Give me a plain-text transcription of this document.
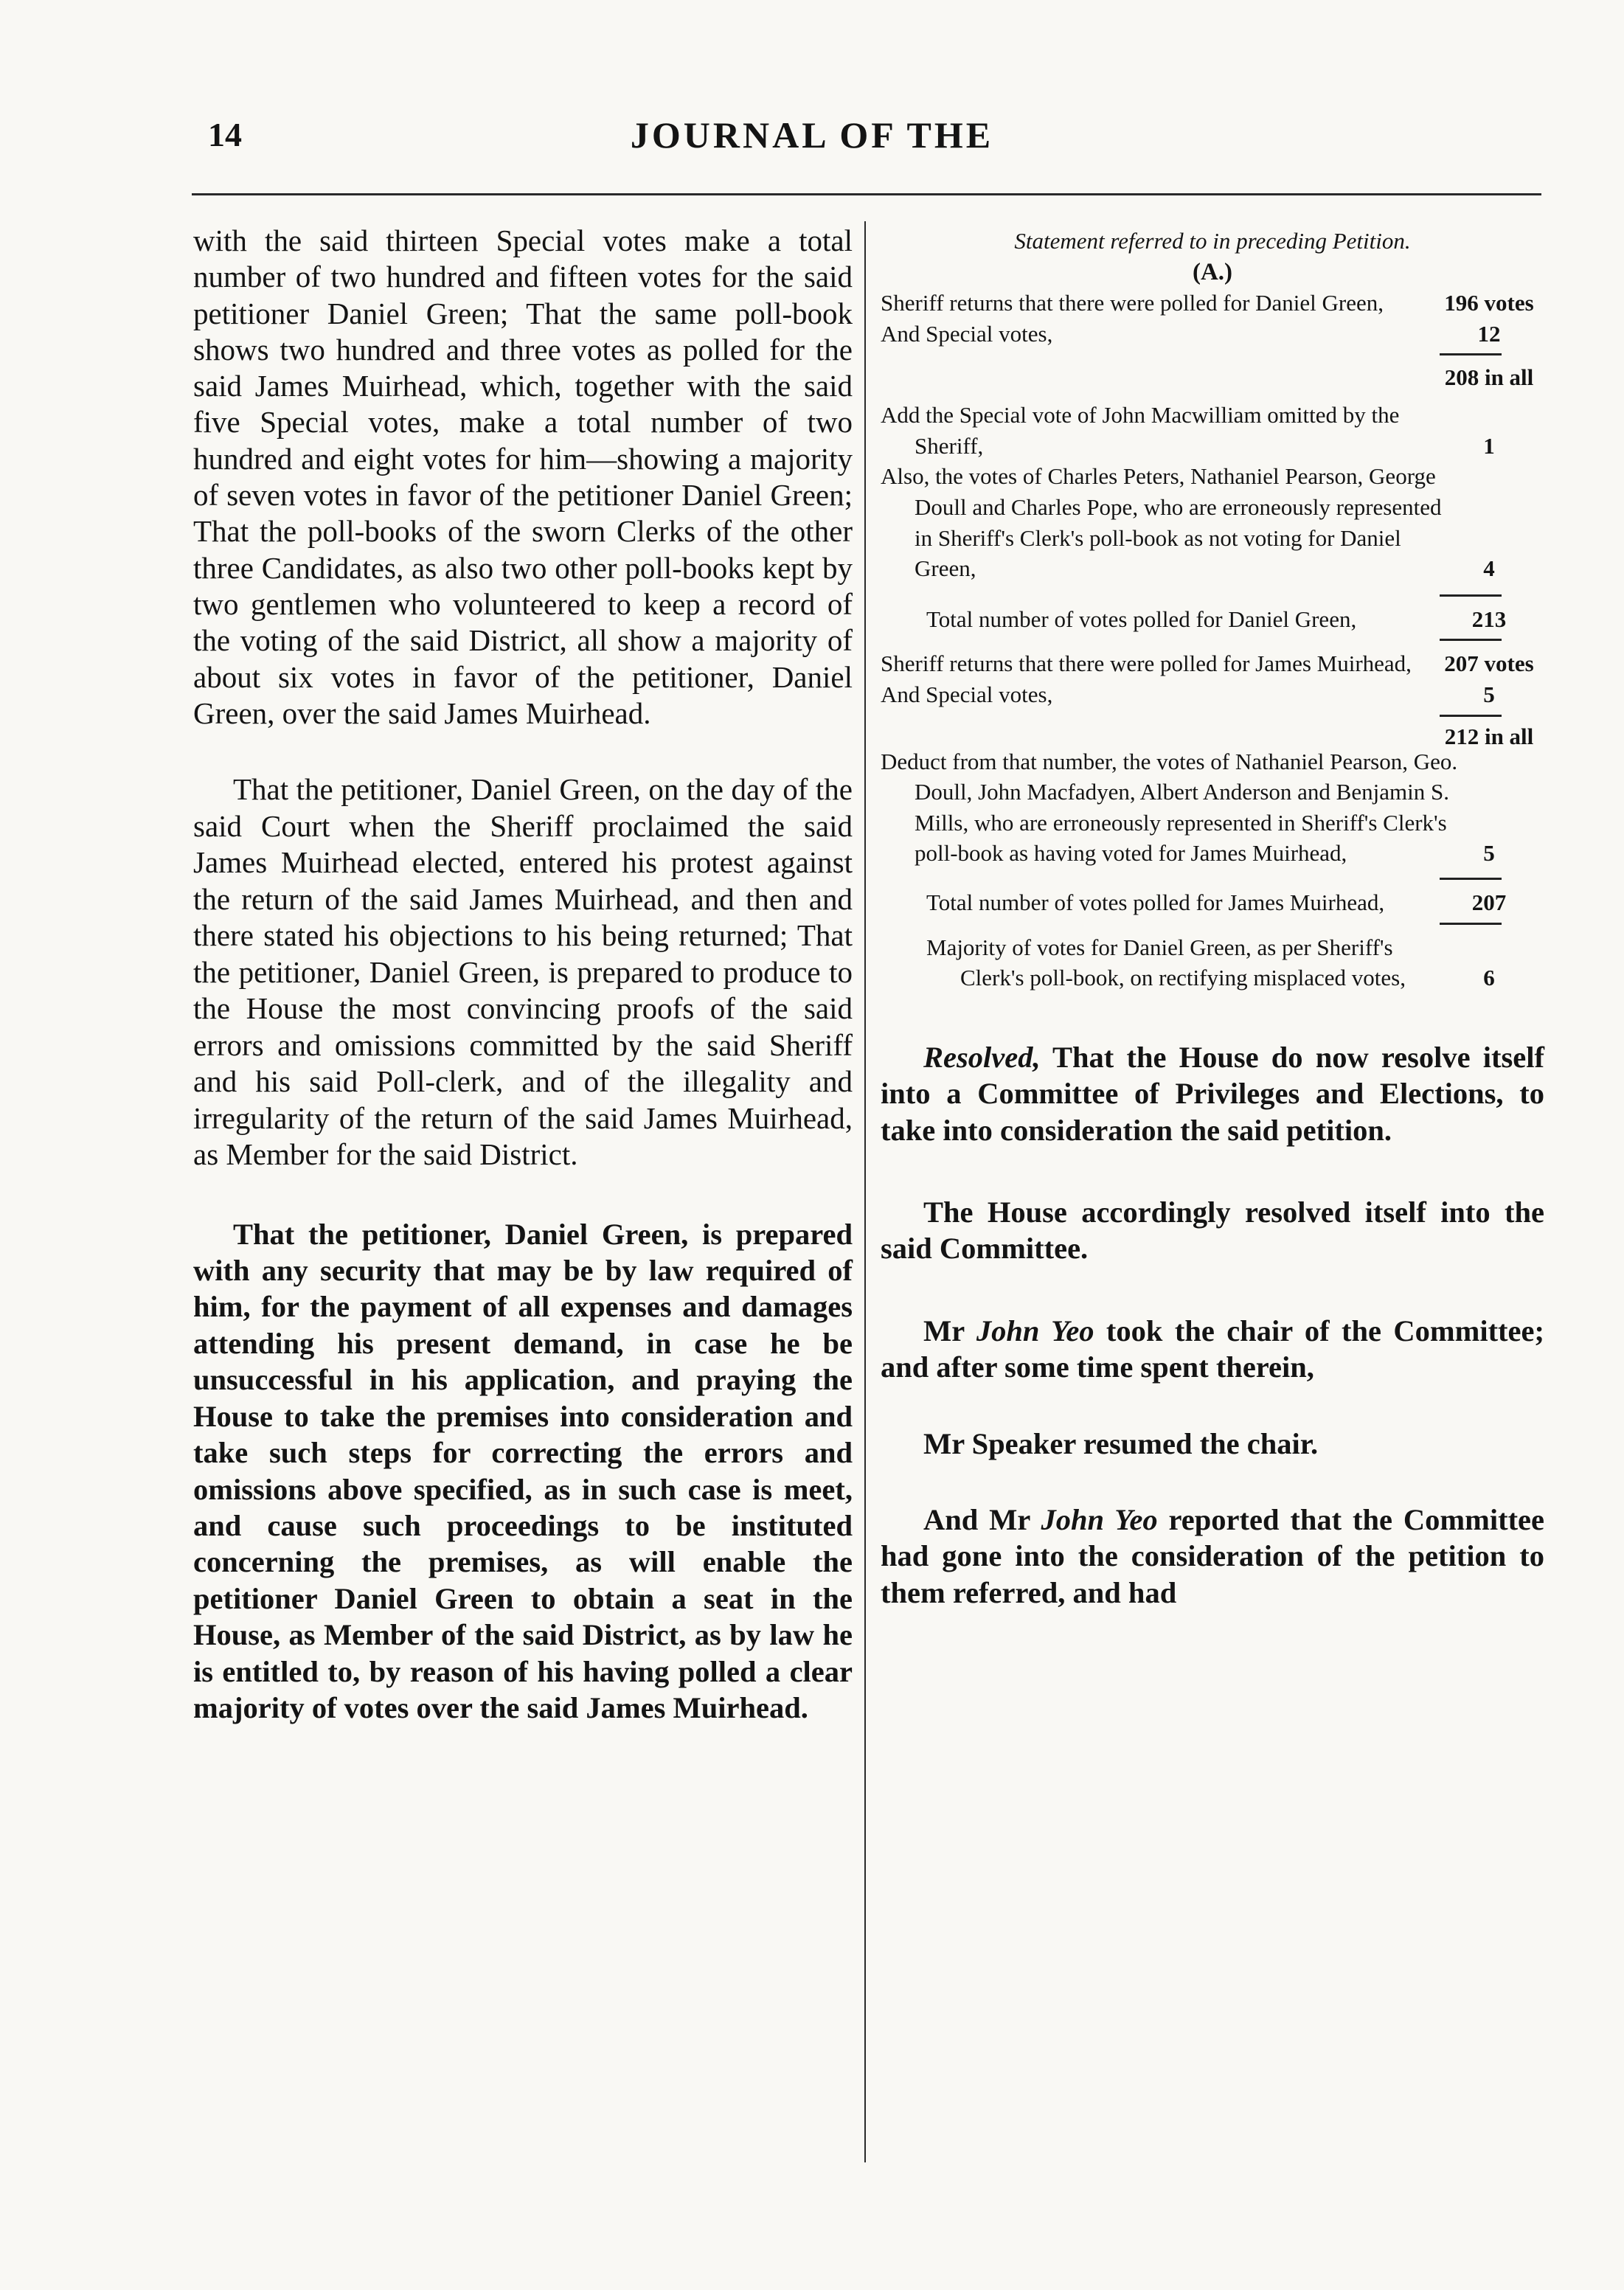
14	JOURNAL OF THE

with the said thirteen Special votes make a total number of two hundred and fifteen votes for the said petitioner Daniel Green; That the same poll-book shows two hundred and three votes as polled for the said James Muirhead, which, together with the said five Special votes, make a total number of two hundred and eight votes for him—showing a majority of seven votes in favor of the petitioner Daniel Green; That the poll-books of the sworn Clerks of the other three Candidates, as also two other poll-books kept by two gentlemen who volunteered to keep a record of the voting of the said District, all show a majority of about six votes in favor of the petitioner, Daniel Green, over the said James Muirhead.

That the petitioner, Daniel Green, on the day of the said Court when the Sheriff proclaimed the said James Muirhead elected, entered his protest against the return of the said James Muirhead, and then and there stated his objections to his being returned; That the petitioner, Daniel Green, is prepared to produce to the House the most convincing proofs of the said errors and omissions committed by the said Sheriff and his said Poll-clerk, and of the illegality and irregularity of the return of the said James Muirhead, as Member for the said District.

That the petitioner, Daniel Green, is prepared with any security that may be by law required of him, for the payment of all expenses and damages attending his present demand, in case he be unsuccessful in his application, and praying the House to take the premises into consideration and take such steps for correcting the errors and omissions above specified, as in such case is meet, and cause such proceedings to be instituted concerning the premises, as will enable the petitioner Daniel Green to obtain a seat in the House, as Member of the said District, as by law he is entitled to, by reason of his having polled a clear majority of votes over the said James Muirhead.

Statement referred to in preceding Petition.
(A.)
Sheriff returns that there were polled for Daniel Green,	196 votes
And Special votes,	12
208 in all
Add the Special vote of John Macwilliam omitted by the Sheriff,	1
Also, the votes of Charles Peters, Nathaniel Pearson, George Doull and Charles Pope, who are erroneously represented in Sheriff's Clerk's poll-book as not voting for Daniel Green,	4
Total number of votes polled for Daniel Green,	213
Sheriff returns that there were polled for James Muirhead,	207 votes
And Special votes,	5
212 in all
Deduct from that number, the votes of Nathaniel Pearson, Geo. Doull, John Macfadyen, Albert Anderson and Benjamin S. Mills, who are erroneously represented in Sheriff's Clerk's poll-book as having voted for James Muirhead,	5
Total number of votes polled for James Muirhead,	207
Majority of votes for Daniel Green, as per Sheriff's Clerk's poll-book, on rectifying misplaced votes,	6

Resolved, That the House do now resolve itself into a Committee of Privileges and Elections, to take into consideration the said petition.

The House accordingly resolved itself into the said Committee.

Mr John Yeo took the chair of the Committee; and after some time spent therein,

Mr Speaker resumed the chair.

And Mr John Yeo reported that the Committee had gone into the consideration of the petition to them referred, and had
